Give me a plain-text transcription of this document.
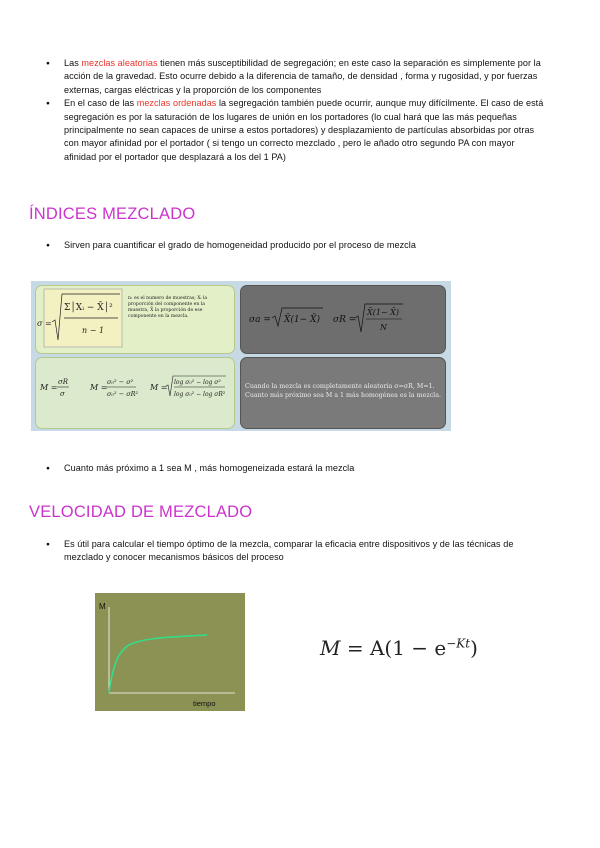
● Las mezclas aleatorias tienen más susceptibilidad de segregación; en este caso la separación es simplemente por la acción de la gravedad. Esto ocurre debido a la diferencia de tamaño, de densidad , forma y rugosidad, y por fuerzas externas, cargas eléctricas y la proporción de los componentes
● En el caso de las mezclas ordenadas la segregación también puede ocurrir, aunque muy difícilmente. El caso de está segregación es por la saturación de los lugares de unión en los portadores (lo cual hará que las más pequeñas principalmente no sean capaces de unirse a estos portadores) y desplazamiento de partículas absorbidas por otras con mayor afinidad por el portador ( si tengo un correcto mezclado , pero le añado otro segundo PA con mayor afinidad por el portador que desplazará a los del 1 PA)
ÍNDICES MEZCLADO
● Sirven para cuantificar el grado de homogeneidad producido por el proceso de mezcla
σ =
Σ│Xᵢ − X̄│²
n − 1
n: es el numero de muestras; Xᵢ la proporción del componente en la muestra, X̄ la proporción de ese componente en la mezcla.	σa = X̄(1− X̄) σR =
X̄(1− X̄)
N
M =
σR
σ
M =
σ₀² − σ²
σ₀² − σR²
M =
log σ₀² − log σ²
log σ₀² − log σR²
Cuando la mezcla es completamente aleatoria σ=σR, M=1. Cuanto más próximo sea M a 1 más homogénea es la mezcla.
● Cuanto más próximo a 1 sea M , más homogeneizada estará la mezcla
VELOCIDAD DE MEZCLADO
● Es útil para calcular el tiempo óptimo de la mezcla, comparar la eficacia entre dispositivos y de las técnicas de mezclado y conocer mecanismos básicos del proceso
M
tiempo
$M = A(1 - e^{-Kt})$
